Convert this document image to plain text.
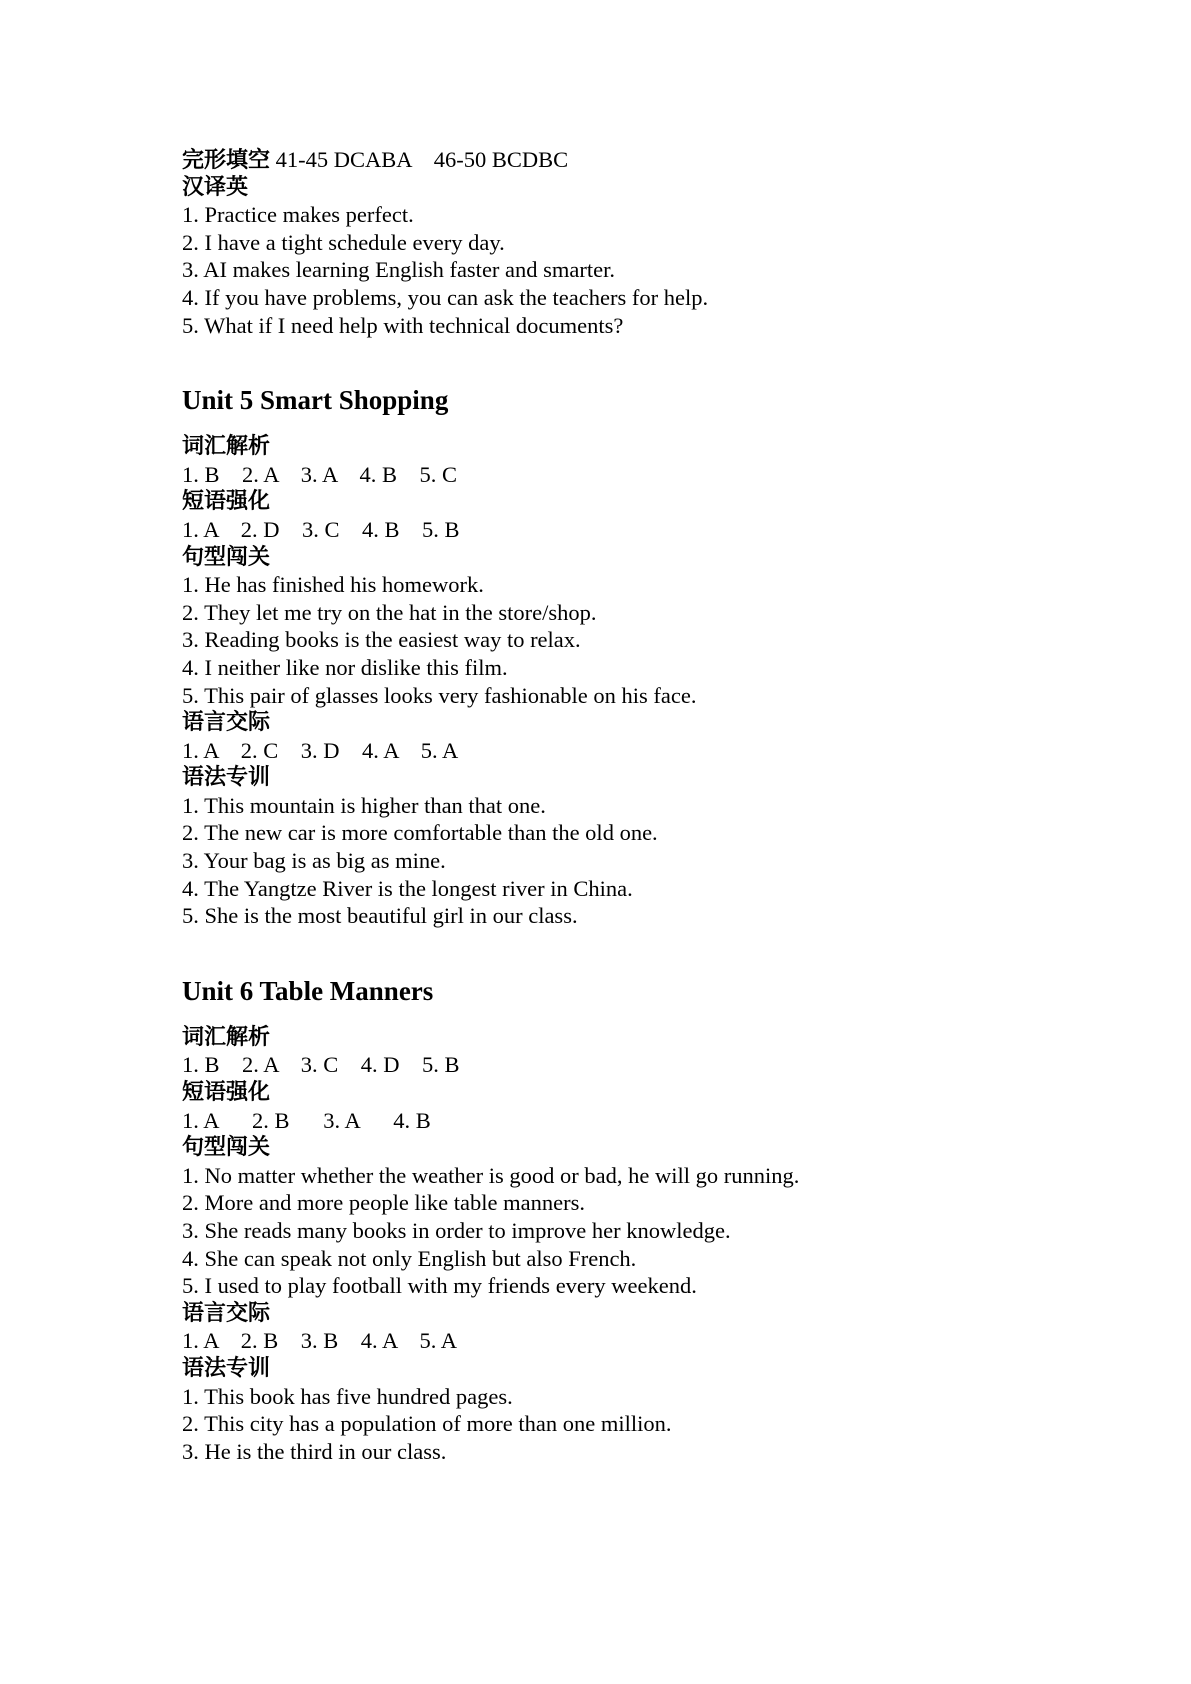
完形填空 41-45 DCABA    46-50 BCDBC
汉译英
1. Practice makes perfect.
2. I have a tight schedule every day.
3. AI makes learning English faster and smarter.
4. If you have problems, you can ask the teachers for help.
5. What if I need help with technical documents?
Unit 5 Smart Shopping
词汇解析
1. B    2. A    3. A    4. B    5. C
短语强化
1. A    2. D    3. C    4. B    5. B
句型闯关
1. He has finished his homework.
2. They let me try on the hat in the store/shop.
3. Reading books is the easiest way to relax.
4. I neither like nor dislike this film.
5. This pair of glasses looks very fashionable on his face.
语言交际
1. A    2. C    3. D    4. A    5. A
语法专训
1. This mountain is higher than that one.
2. The new car is more comfortable than the old one.
3. Your bag is as big as mine.
4. The Yangtze River is the longest river in China.
5. She is the most beautiful girl in our class.
Unit 6 Table Manners
词汇解析
1. B    2. A    3. C    4. D    5. B
短语强化
1. A      2. B      3. A      4. B
句型闯关
1. No matter whether the weather is good or bad, he will go running.
2. More and more people like table manners.
3. She reads many books in order to improve her knowledge.
4. She can speak not only English but also French.
5. I used to play football with my friends every weekend.
语言交际
1. A    2. B    3. B    4. A    5. A
语法专训
1. This book has five hundred pages.
2. This city has a population of more than one million.
3. He is the third in our class.
